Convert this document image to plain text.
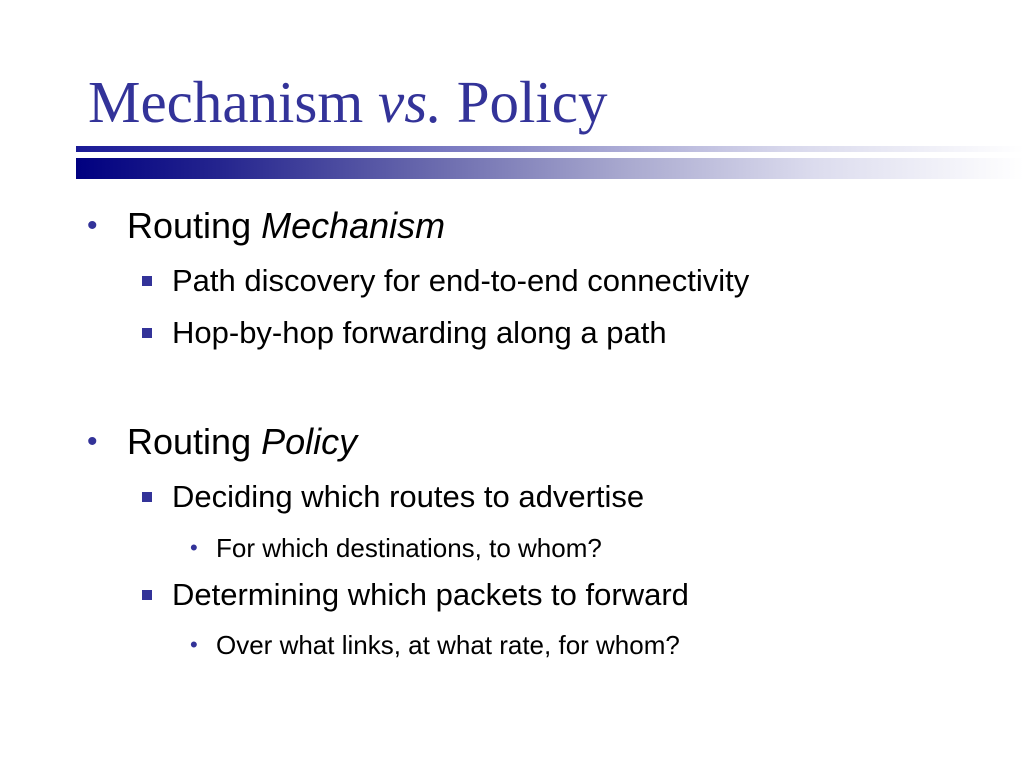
Mechanism vs. Policy
• Routing Mechanism
Path discovery for end-to-end connectivity
Hop-by-hop forwarding along a path
• Routing Policy
Deciding which routes to advertise
• For which destinations, to whom?
Determining which packets to forward
• Over what links, at what rate, for whom?
